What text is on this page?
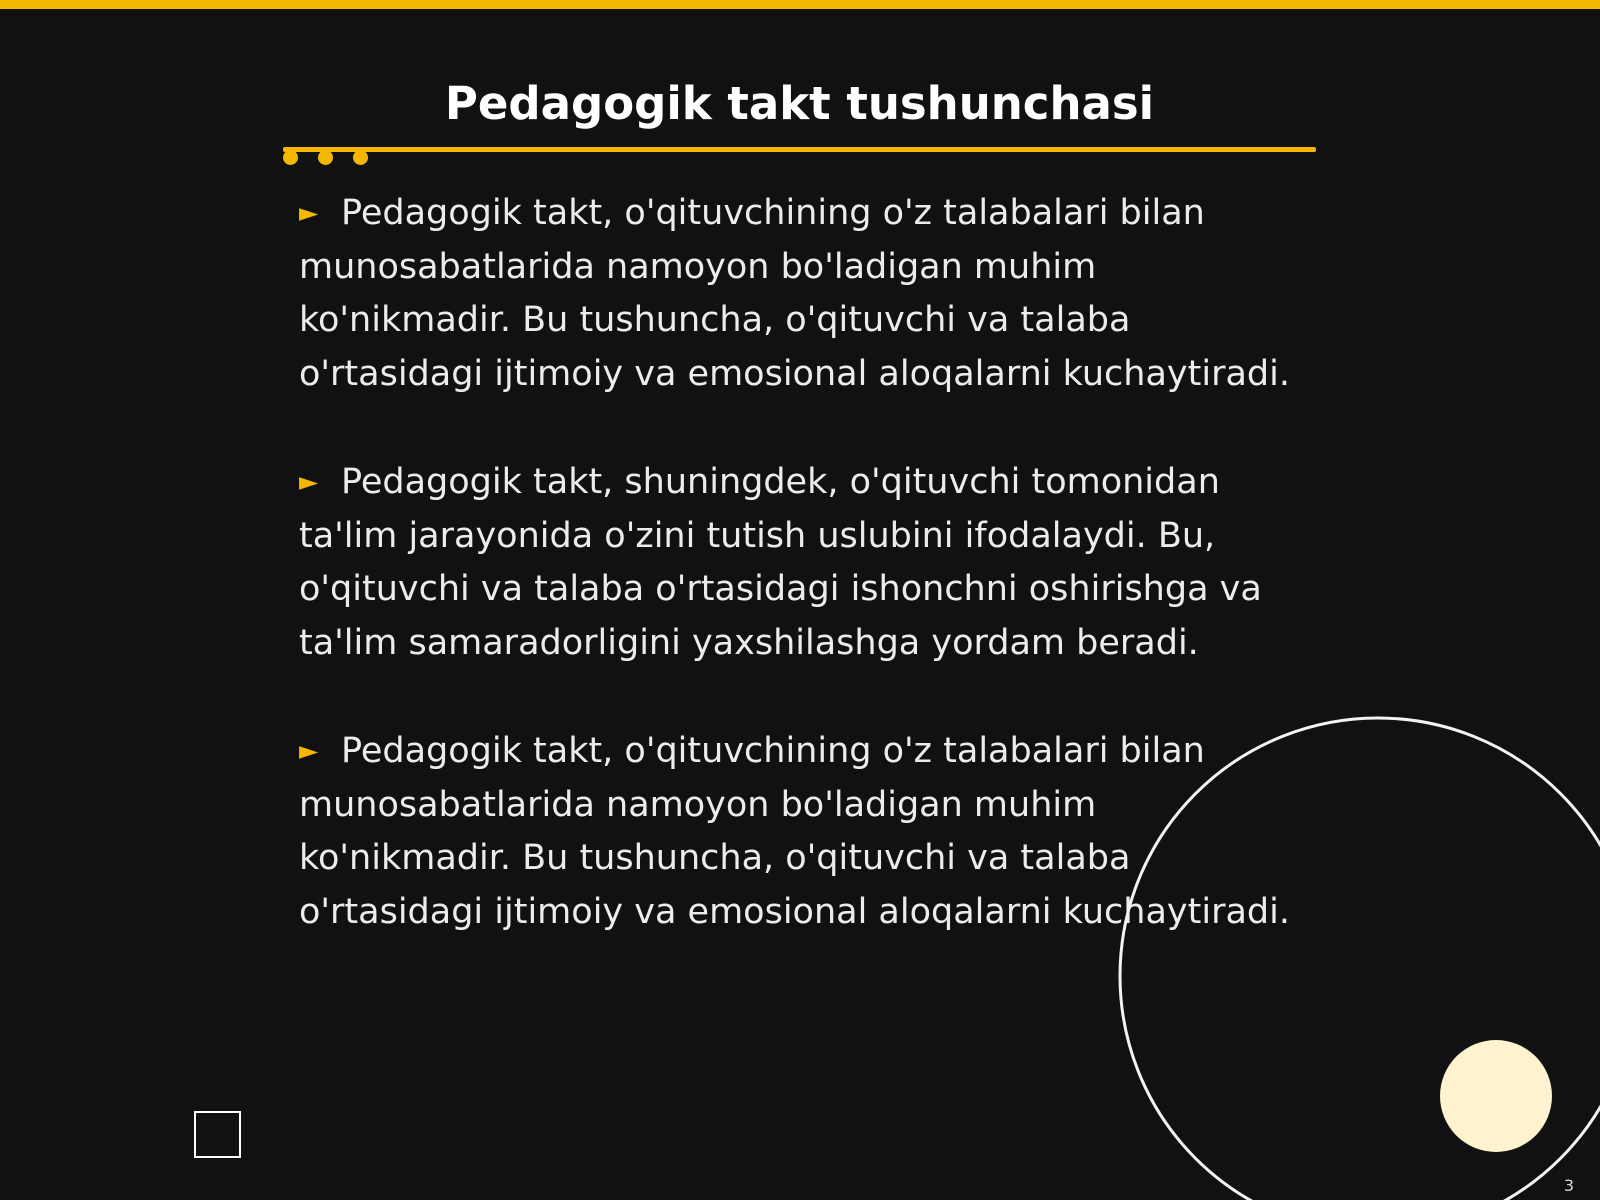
Pedagogik takt tushunchasi

► Pedagogik takt, o'qituvchining o'z talabalari bilan munosabatlarida namoyon bo'ladigan muhim ko'nikmadir. Bu tushuncha, o'qituvchi va talaba o'rtasidagi ijtimoiy va emosional aloqalarni kuchaytiradi.

► Pedagogik takt, shuningdek, o'qituvchi tomonidan ta'lim jarayonida o'zini tutish uslubini ifodalaydi. Bu, o'qituvchi va talaba o'rtasidagi ishonchni oshirishga va ta'lim samaradorligini yaxshilashga yordam beradi.

► Pedagogik takt, o'qituvchining o'z talabalari bilan munosabatlarida namoyon bo'ladigan muhim ko'nikmadir. Bu tushuncha, o'qituvchi va talaba o'rtasidagi ijtimoiy va emosional aloqalarni kuchaytiradi.

3
